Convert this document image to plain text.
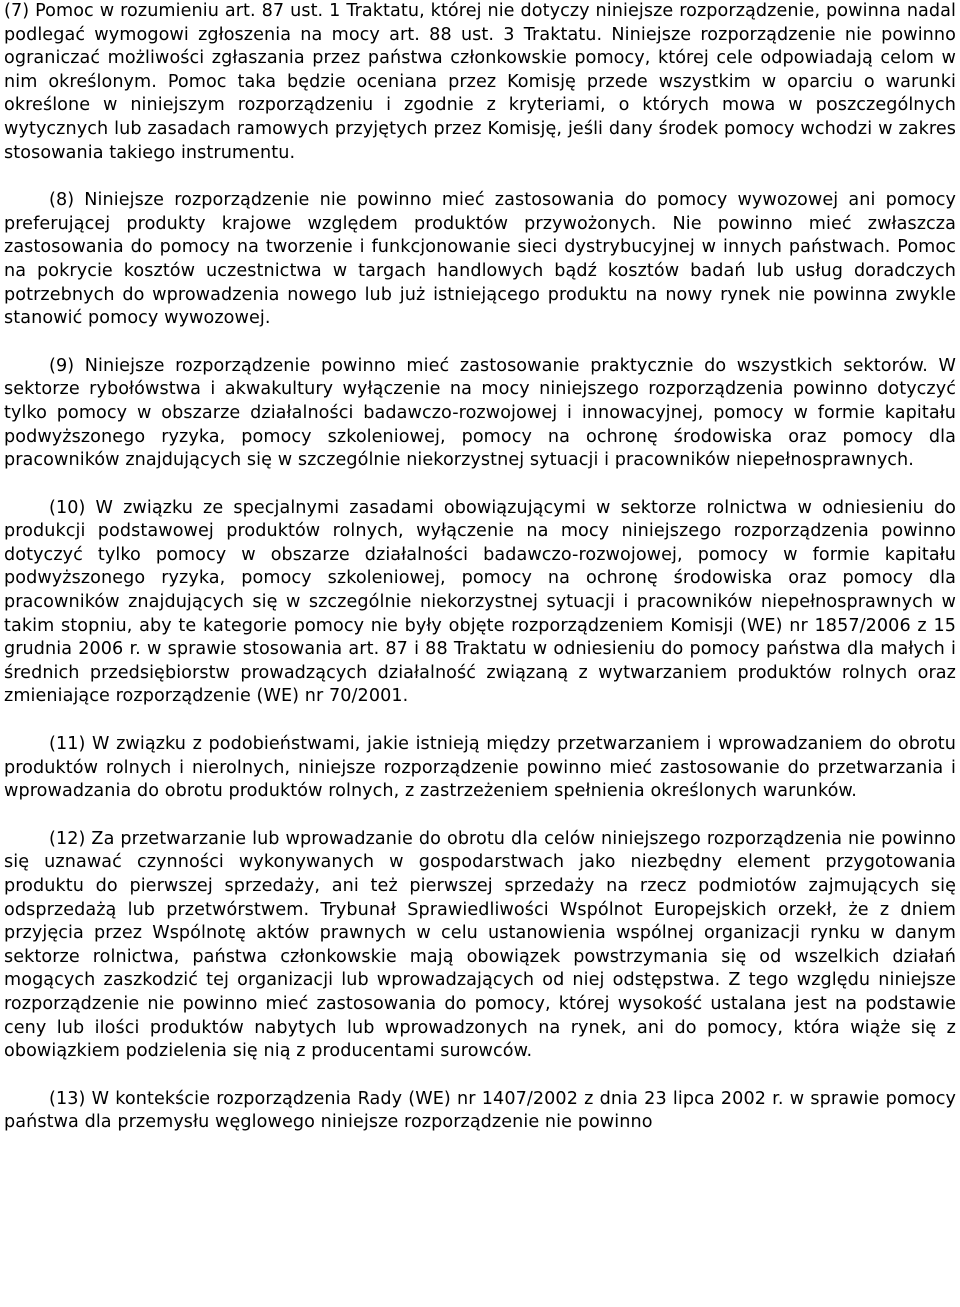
(7) Pomoc w rozumieniu art. 87 ust. 1 Traktatu, której nie dotyczy niniejsze rozporządzenie, powinna nadal podlegać wymogowi zgłoszenia na mocy art. 88 ust. 3 Traktatu. Niniejsze rozporządzenie nie powinno ograniczać możliwości zgłaszania przez państwa członkowskie pomocy, której cele odpowiadają celom w nim określonym. Pomoc taka będzie oceniana przez Komisję przede wszystkim w oparciu o warunki określone w niniejszym rozporządzeniu i zgodnie z kryteriami, o których mowa w poszczególnych wytycznych lub zasadach ramowych przyjętych przez Komisję, jeśli dany środek pomocy wchodzi w zakres stosowania takiego instrumentu.

(8) Niniejsze rozporządzenie nie powinno mieć zastosowania do pomocy wywozowej ani pomocy preferującej produkty krajowe względem produktów przywożonych. Nie powinno mieć zwłaszcza zastosowania do pomocy na tworzenie i funkcjonowanie sieci dystrybucyjnej w innych państwach. Pomoc na pokrycie kosztów uczestnictwa w targach handlowych bądź kosztów badań lub usług doradczych potrzebnych do wprowadzenia nowego lub już istniejącego produktu na nowy rynek nie powinna zwykle stanowić pomocy wywozowej.

(9) Niniejsze rozporządzenie powinno mieć zastosowanie praktycznie do wszystkich sektorów. W sektorze rybołówstwa i akwakultury wyłączenie na mocy niniejszego rozporządzenia powinno dotyczyć tylko pomocy w obszarze działalności badawczo-rozwojowej i innowacyjnej, pomocy w formie kapitału podwyższonego ryzyka, pomocy szkoleniowej, pomocy na ochronę środowiska oraz pomocy dla pracowników znajdujących się w szczególnie niekorzystnej sytuacji i pracowników niepełnosprawnych.

(10) W związku ze specjalnymi zasadami obowiązującymi w sektorze rolnictwa w odniesieniu do produkcji podstawowej produktów rolnych, wyłączenie na mocy niniejszego rozporządzenia powinno dotyczyć tylko pomocy w obszarze działalności badawczo-rozwojowej, pomocy w formie kapitału podwyższonego ryzyka, pomocy szkoleniowej, pomocy na ochronę środowiska oraz pomocy dla pracowników znajdujących się w szczególnie niekorzystnej sytuacji i pracowników niepełnosprawnych w takim stopniu, aby te kategorie pomocy nie były objęte rozporządzeniem Komisji (WE) nr 1857/2006 z 15 grudnia 2006 r. w sprawie stosowania art. 87 i 88 Traktatu w odniesieniu do pomocy państwa dla małych i średnich przedsiębiorstw prowadzących działalność związaną z wytwarzaniem produktów rolnych oraz zmieniające rozporządzenie (WE) nr 70/2001.

(11) W związku z podobieństwami, jakie istnieją między przetwarzaniem i wprowadzaniem do obrotu produktów rolnych i nierolnych, niniejsze rozporządzenie powinno mieć zastosowanie do przetwarzania i wprowadzania do obrotu produktów rolnych, z zastrzeżeniem spełnienia określonych warunków.

(12) Za przetwarzanie lub wprowadzanie do obrotu dla celów niniejszego rozporządzenia nie powinno się uznawać czynności wykonywanych w gospodarstwach jako niezbędny element przygotowania produktu do pierwszej sprzedaży, ani też pierwszej sprzedaży na rzecz podmiotów zajmujących się odsprzedażą lub przetwórstwem. Trybunał Sprawiedliwości Wspólnot Europejskich orzekł, że z dniem przyjęcia przez Wspólnotę aktów prawnych w celu ustanowienia wspólnej organizacji rynku w danym sektorze rolnictwa, państwa członkowskie mają obowiązek powstrzymania się od wszelkich działań mogących zaszkodzić tej organizacji lub wprowadzających od niej odstępstwa. Z tego względu niniejsze rozporządzenie nie powinno mieć zastosowania do pomocy, której wysokość ustalana jest na podstawie ceny lub ilości produktów nabytych lub wprowadzonych na rynek, ani do pomocy, która wiąże się z obowiązkiem podzielenia się nią z producentami surowców.

(13) W kontekście rozporządzenia Rady (WE) nr 1407/2002 z dnia 23 lipca 2002 r. w sprawie pomocy państwa dla przemysłu węglowego niniejsze rozporządzenie nie powinno
